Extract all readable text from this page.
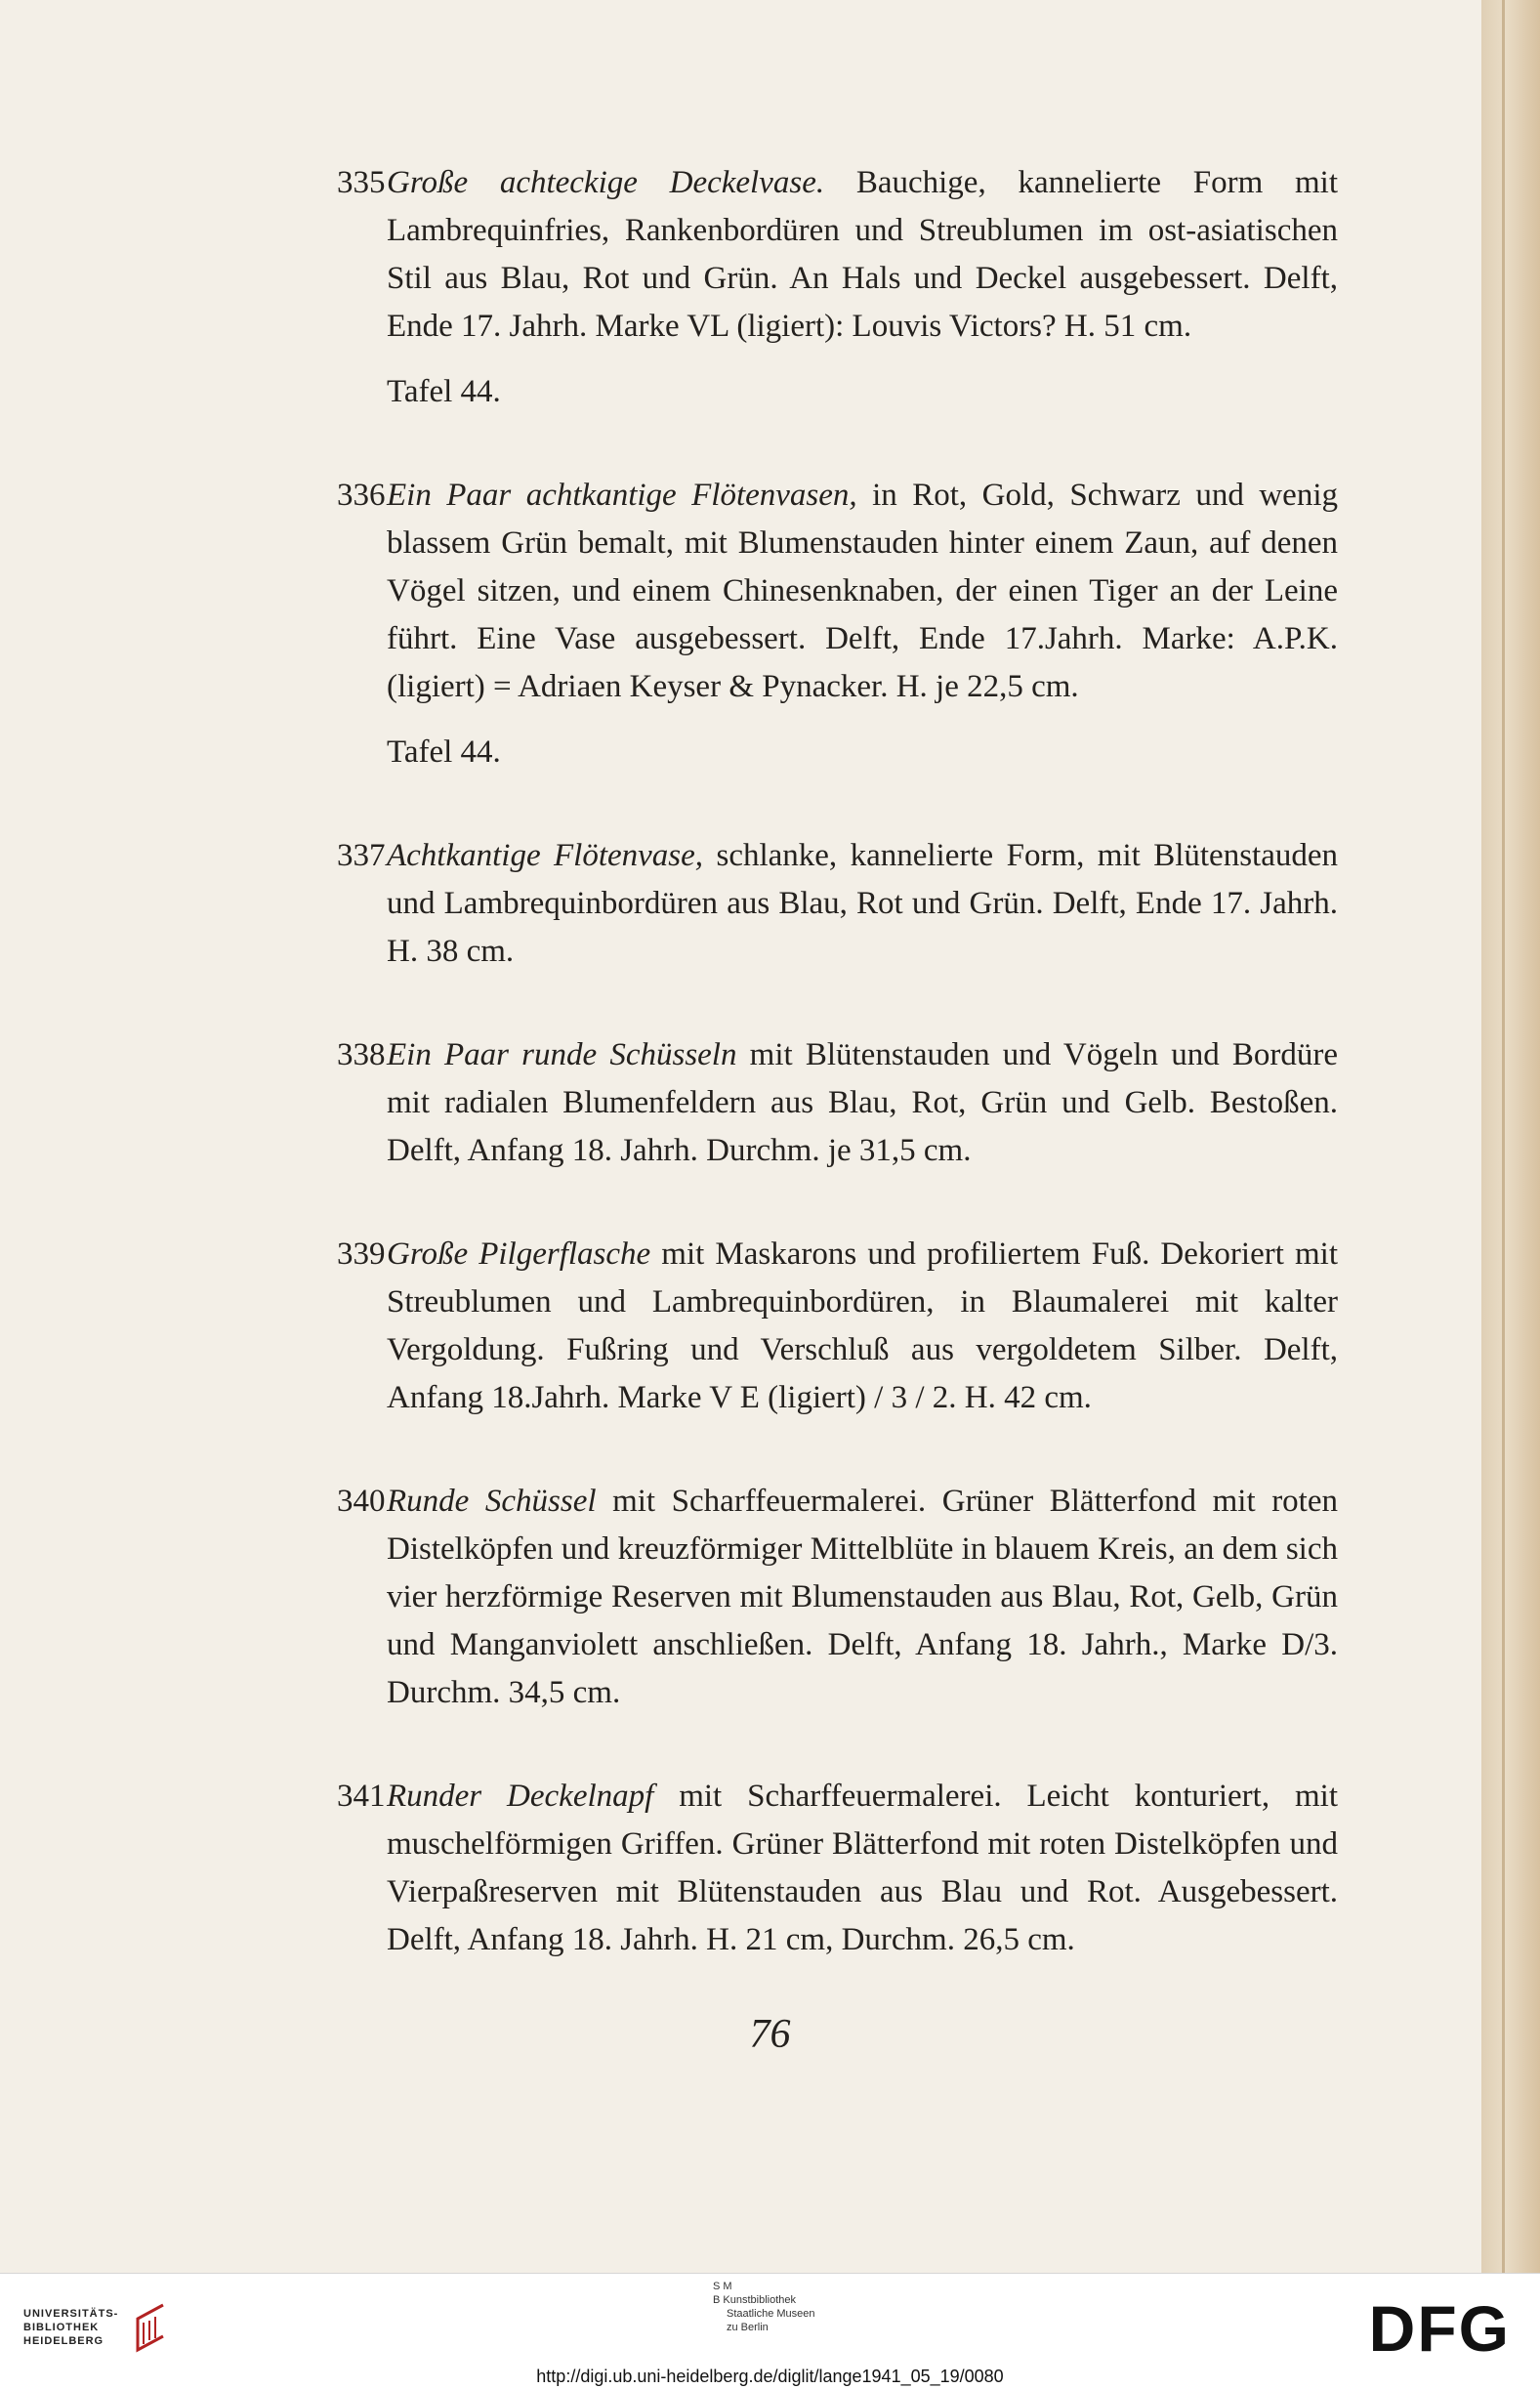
335 Große achteckige Deckelvase. Bauchige, kannelierte Form mit Lambrequinfries, Rankenbordüren und Streublumen im ost-asiatischen Stil aus Blau, Rot und Grün. An Hals und Deckel ausgebessert. Delft, Ende 17. Jahrh. Marke VL (ligiert): Louvis Victors? H. 51 cm.
Tafel 44.
336 Ein Paar achtkantige Flötenvasen, in Rot, Gold, Schwarz und wenig blassem Grün bemalt, mit Blumenstauden hinter einem Zaun, auf denen Vögel sitzen, und einem Chinesenknaben, der einen Tiger an der Leine führt. Eine Vase ausgebessert. Delft, Ende 17.Jahrh. Marke: A.P.K. (ligiert) = Adriaen Keyser & Pynacker. H. je 22,5 cm.
Tafel 44.
337 Achtkantige Flötenvase, schlanke, kannelierte Form, mit Blütenstauden und Lambrequinbordüren aus Blau, Rot und Grün. Delft, Ende 17. Jahrh. H. 38 cm.
338 Ein Paar runde Schüsseln mit Blütenstauden und Vögeln und Bordüre mit radialen Blumenfeldern aus Blau, Rot, Grün und Gelb. Bestoßen. Delft, Anfang 18. Jahrh. Durchm. je 31,5 cm.
339 Große Pilgerflasche mit Maskarons und profiliertem Fuß. Dekoriert mit Streublumen und Lambrequinbordüren, in Blaumalerei mit kalter Vergoldung. Fußring und Verschluß aus vergoldetem Silber. Delft, Anfang 18.Jahrh. Marke V E (ligiert) / 3 / 2. H. 42 cm.
340 Runde Schüssel mit Scharffeuermalerei. Grüner Blätterfond mit roten Distelköpfen und kreuzförmiger Mittelblüte in blauem Kreis, an dem sich vier herzförmige Reserven mit Blumenstauden aus Blau, Rot, Gelb, Grün und Manganviolett anschließen. Delft, Anfang 18. Jahrh., Marke D/3. Durchm. 34,5 cm.
341 Runder Deckelnapf mit Scharffeuermalerei. Leicht konturiert, mit muschelförmigen Griffen. Grüner Blätterfond mit roten Distelköpfen und Vierpaßreserven mit Blütenstauden aus Blau und Rot. Ausgebessert. Delft, Anfang 18. Jahrh. H. 21 cm, Durchm. 26,5 cm.
76
UNIVERSITÄTS-
BIBLIOTHEK
HEIDELBERG
S M
B Kunstbibliothek
Staatliche Museen
zu Berlin	DFG
http://digi.ub.uni-heidelberg.de/diglit/lange1941_05_19/0080
